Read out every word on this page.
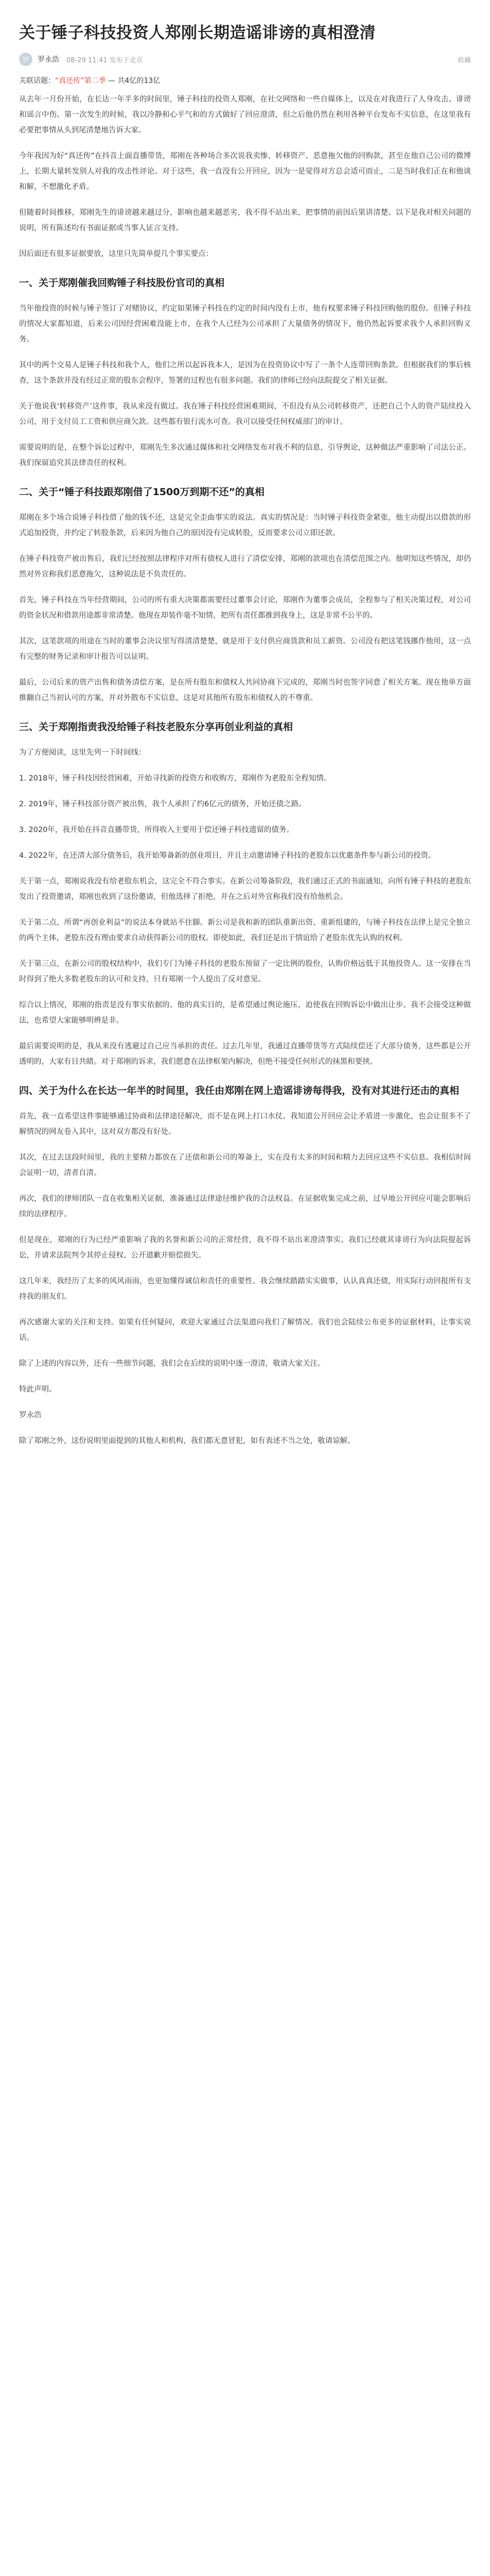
关于锤子科技投资人郑刚长期造谣诽谤的真相澄清
罗 罗永浩 08-29 11:41 发布于北京	收藏
关联话题：“真还传”第二季 — 共4亿的13亿

从去年一月份开始，在长达一年半多的时间里，锤子科技的投资人郑刚，在社交网络和一些自媒体上，以及在对我进行了人身攻击、诽谤和谣言中伤。第一次发生的时候，我以冷静和心平气和的方式做好了回应澄清，但之后他仍然在利用各种平台发布不实信息，在这里我有必要把事情从头到尾清楚地告诉大家。

今年我因为好“真还传”在抖音上面直播带货，郑刚在各种场合多次说我卖惨、转移资产、恶意拖欠他的回购款，甚至在他自己公司的微博上，长期大量转发别人对我的攻击性评论。对于这些，我一直没有公开回应，因为一是觉得对方总会适可而止，二是当时我们正在和他谈和解，不想激化矛盾。

但随着时间推移，郑刚先生的诽谤越来越过分，影响也越来越恶劣，我不得不站出来，把事情的前因后果讲清楚。以下是我对相关问题的说明，所有陈述均有书面证据或当事人证言支持。

因后面还有很多证据要放，这里只先简单提几个事实要点：

一、关于郑刚催我回购锤子科技股份官司的真相

当年他投资的时候与锤子签订了对赌协议，约定如果锤子科技在约定的时间内没有上市，他有权要求锤子科技回购他的股份。但锤子科技的情况大家都知道，后来公司因经营困难没能上市，在我个人已经为公司承担了大量债务的情况下，他仍然起诉要求我个人承担回购义务。

其中的两个交易人是锤子科技和我个人，他们之所以起诉我本人，是因为在投资协议中写了一条个人连带回购条款。但根据我们的事后核查，这个条款并没有经过正常的股东会程序，签署的过程也有很多问题。我们的律师已经向法院提交了相关证据。

关于他说我‘转移资产’这件事，我从来没有做过。我在锤子科技经营困难期间，不但没有从公司转移资产，还把自己个人的资产陆续投入公司，用于支付员工工资和供应商欠款。这些都有银行流水可查。我可以接受任何权威部门的审计。

需要说明的是，在整个诉讼过程中，郑刚先生多次通过媒体和社交网络发布对我不利的信息，引导舆论，这种做法严重影响了司法公正。我们保留追究其法律责任的权利。

二、关于“锤子科技跟郑刚借了1500万到期不还”的真相

郑刚在多个场合说锤子科技借了他的钱不还，这是完全歪曲事实的说法。真实的情况是：当时锤子科技资金紧张，他主动提出以借款的形式追加投资，并约定了转股条款，后来因为他自己的原因没有完成转股，反而要求公司立即还款。

在锤子科技资产被出售后，我们已经按照法律程序对所有债权人进行了清偿安排，郑刚的款项也在清偿范围之内。他明知这些情况，却仍然对外宣称我们恶意拖欠，这种说法是不负责任的。

首先，锤子科技在当年经营期间，公司的所有重大决策都需要经过董事会讨论，郑刚作为董事会成员，全程参与了相关决策过程，对公司的资金状况和借款用途都非常清楚。他现在却装作毫不知情，把所有责任都推到我身上，这是非常不公平的。

其次，这笔款项的用途在当时的董事会决议里写得清清楚楚，就是用于支付供应商货款和员工薪资。公司没有把这笔钱挪作他用，这一点有完整的财务记录和审计报告可以证明。

最后，公司后来的资产出售和债务清偿方案，是在所有股东和债权人共同协商下完成的，郑刚当时也签字同意了相关方案。现在他单方面推翻自己当初认可的方案，并对外散布不实信息，这是对其他所有股东和债权人的不尊重。

三、关于郑刚指责我没给锤子科技老股东分享再创业利益的真相

为了方便阅读，这里先列一下时间线：

1. 2018年，锤子科技因经营困难，开始寻找新的投资方和收购方，郑刚作为老股东全程知情。

2. 2019年，锤子科技部分资产被出售，我个人承担了约6亿元的债务，开始还债之路。

3. 2020年，我开始在抖音直播带货，所得收入主要用于偿还锤子科技遗留的债务。

4. 2022年，在还清大部分债务后，我开始筹备新的创业项目，并且主动邀请锤子科技的老股东以优惠条件参与新公司的投资。

关于第一点，郑刚说我没有给老股东机会，这完全不符合事实。在新公司筹备阶段，我们通过正式的书面通知，向所有锤子科技的老股东发出了投资邀请，郑刚也收到了这份邀请，但他选择了拒绝，并在之后对外宣称我们没有给他机会。

关于第二点，所谓“再创业利益”的说法本身就站不住脚。新公司是我和新的团队重新出资、重新组建的，与锤子科技在法律上是完全独立的两个主体，老股东没有理由要求自动获得新公司的股权。即使如此，我们还是出于情谊给了老股东优先认购的权利。

关于第三点，在新公司的股权结构中，我们专门为锤子科技的老股东预留了一定比例的股份，认购价格远低于其他投资人。这一安排在当时得到了绝大多数老股东的认可和支持，只有郑刚一个人提出了反对意见。

综合以上情况，郑刚的指责是没有事实依据的。他的真实目的，是希望通过舆论施压，迫使我在回购诉讼中做出让步。我不会接受这种做法，也希望大家能够明辨是非。

最后需要说明的是，我从来没有逃避过自己应当承担的责任。过去几年里，我通过直播带货等方式陆续偿还了大部分债务，这些都是公开透明的，大家有目共睹。对于郑刚的诉求，我们愿意在法律框架内解决，但绝不接受任何形式的抹黑和要挟。

四、关于为什么在长达一年半的时间里，我任由郑刚在网上造谣诽谤每得我，没有对其进行还击的真相

首先，我一直希望这件事能够通过协商和法律途径解决，而不是在网上打口水仗。我知道公开回应会让矛盾进一步激化，也会让很多不了解情况的网友卷入其中，这对双方都没有好处。

其次，在过去这段时间里，我的主要精力都放在了还债和新公司的筹备上，实在没有太多的时间和精力去回应这些不实信息。我相信时间会证明一切，清者自清。

再次，我们的律师团队一直在收集相关证据，准备通过法律途径维护我的合法权益。在证据收集完成之前，过早地公开回应可能会影响后续的法律程序。

但是现在，郑刚的行为已经严重影响了我的名誉和新公司的正常经营，我不得不站出来澄清事实。我们已经就其诽谤行为向法院提起诉讼，并请求法院判令其停止侵权、公开道歉并赔偿损失。

这几年来，我经历了太多的风风雨雨，也更加懂得诚信和责任的重要性。我会继续踏踏实实做事，认认真真还债，用实际行动回报所有支持我的朋友们。

再次感谢大家的关注和支持。如果有任何疑问，欢迎大家通过合法渠道向我们了解情况。我们也会陆续公布更多的证据材料，让事实说话。

除了上述的内容以外，还有一些细节问题，我们会在后续的说明中逐一澄清，敬请大家关注。

特此声明。

罗永浩

除了郑刚之外，这份说明里面提到的其他人和机构，我们都无意冒犯，如有表述不当之处，敬请谅解。
